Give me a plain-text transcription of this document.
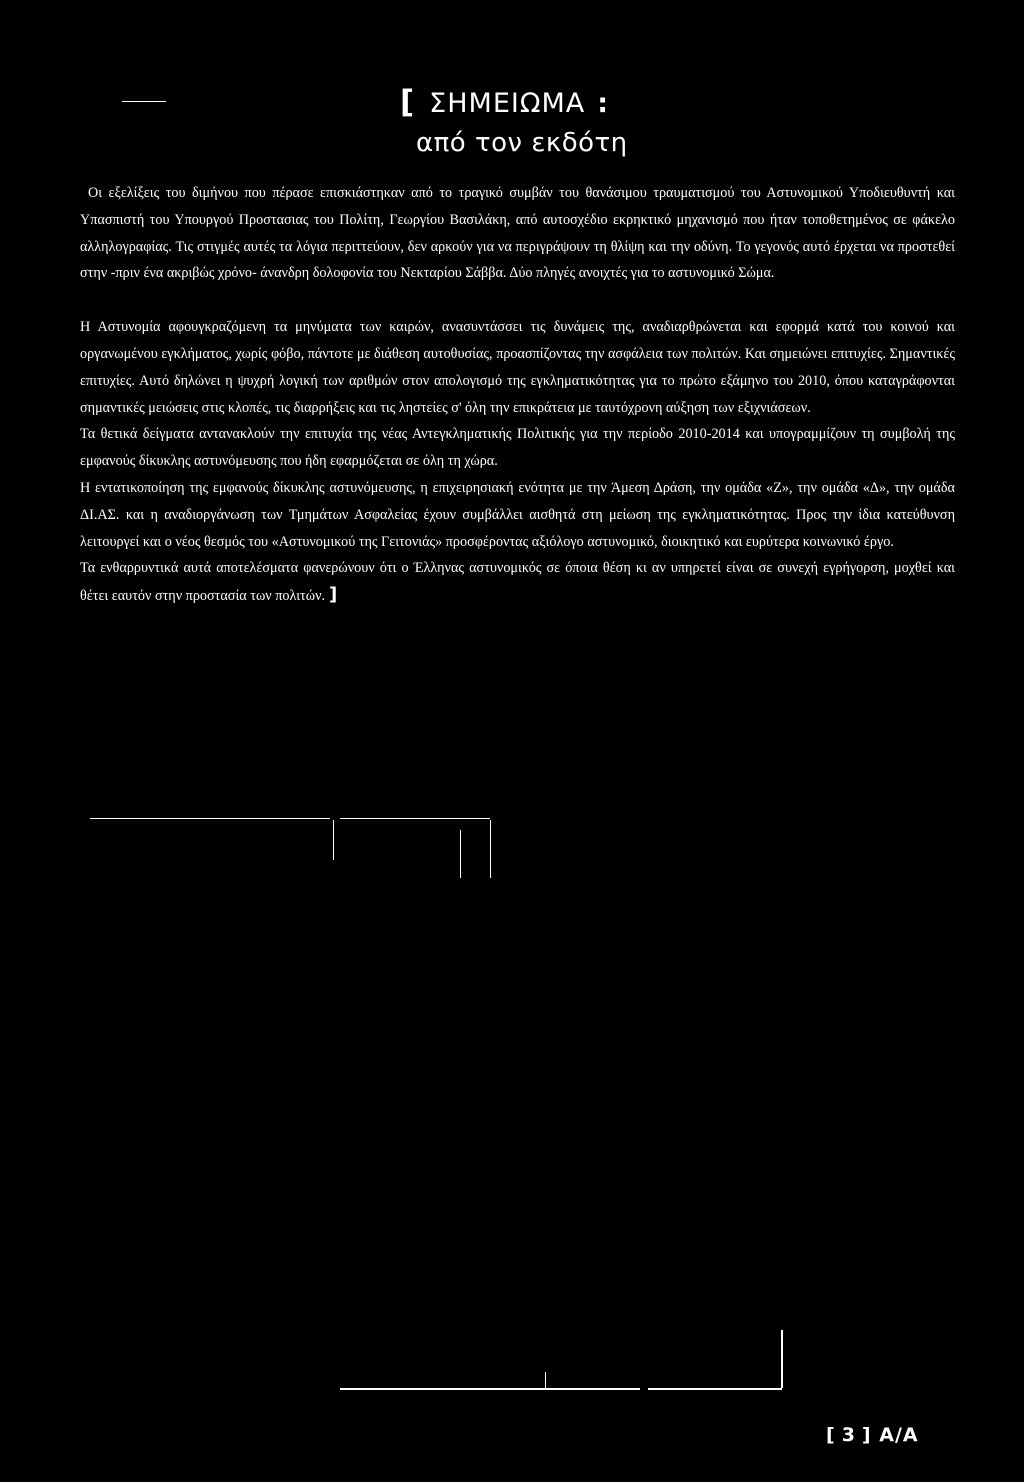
[ ΣΗΜΕΙΩΜΑ :
από τον εκδότη

Οι εξελίξεις του διμήνου που πέρασε επισκιάστηκαν από το τραγικό συμβάν του θανάσιμου τραυματισμού του Αστυνομικού Υποδιευθυντή και Υπασπιστή του Υπουργού Προστασιας του Πολίτη, Γεωργίου Βασιλάκη, από αυτοσχέδιο εκρηκτικό μηχανισμό που ήταν τοποθετημένος σε φάκελο αλληλογραφίας. Τις στιγμές αυτές τα λόγια περιττεύουν, δεν αρκούν για να περιγράψουν τη θλίψη και την οδύνη. Το γεγονός αυτό έρχεται να προστεθεί στην -πριν ένα ακριβώς χρόνο- άνανδρη δολοφονία του Νεκταρίου Σάββα. Δύο πληγές ανοιχτές για το αστυνομικό Σώμα.

Η Αστυνομία αφουγκραζόμενη τα μηνύματα των καιρών, ανασυντάσσει τις δυνάμεις της, αναδιαρθρώνεται και εφορμά κατά του κοινού και οργανωμένου εγκλήματος, χωρίς φόβο, πάντοτε με διάθεση αυτοθυσίας, προασπίζοντας την ασφάλεια των πολιτών. Και σημειώνει επιτυχίες. Σημαντικές επιτυχίες. Αυτό δηλώνει η ψυχρή λογική των αριθμών στον απολογισμό της εγκληματικότητας για το πρώτο εξάμηνο του 2010, όπου καταγράφονται σημαντικές μειώσεις στις κλοπές, τις διαρρήξεις και τις ληστείες σ' όλη την επικράτεια με ταυτόχρονη αύξηση των εξιχνιάσεων.

Τα θετικά δείγματα αντανακλούν την επιτυχία της νέας Αντεγκληματικής Πολιτικής για την περίοδο 2010-2014 και υπογραμμίζουν τη συμβολή της εμφανούς δίκυκλης αστυνόμευσης που ήδη εφαρμόζεται σε όλη τη χώρα.

Η εντατικοποίηση της εμφανούς δίκυκλης αστυνόμευσης, η επιχειρησιακή ενότητα με την Άμεση Δράση, την ομάδα «Ζ», την ομάδα «Δ», την ομάδα ΔΙ.ΑΣ. και η αναδιοργάνωση των Τμημάτων Ασφαλείας έχουν συμβάλλει αισθητά στη μείωση της εγκληματικότητας. Προς την ίδια κατεύθυνση λειτουργεί και ο νέος θεσμός του «Αστυνομικού της Γειτονιάς» προσφέροντας αξιόλογο αστυνομικό, διοικητικό και ευρύτερα κοινωνικό έργο.

Τα ενθαρρυντικά αυτά αποτελέσματα φανερώνουν ότι ο Έλληνας αστυνομικός σε όποια θέση κι αν υπηρετεί είναι σε συνεχή εγρήγορση, μοχθεί και θέτει εαυτόν στην προστασία των πολιτών. ]

[ 3 ] Α/Α
